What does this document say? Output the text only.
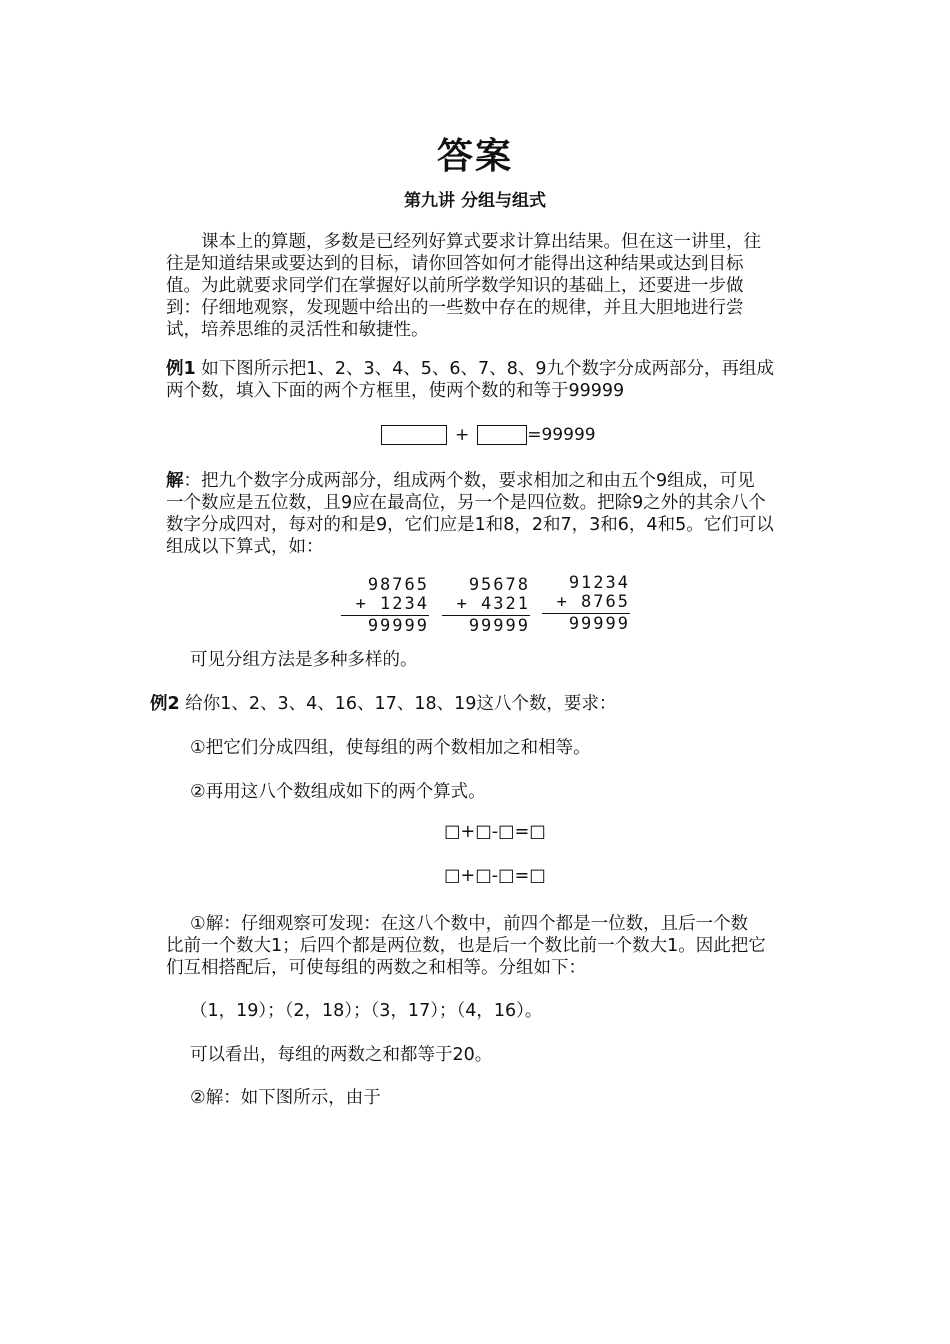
答案
第九讲 分组与组式
课本上的算题，多数是已经列好算式要求计算出结果。但在这一讲里，往
往是知道结果或要达到的目标，请你回答如何才能得出这种结果或达到目标
值。为此就要求同学们在掌握好以前所学数学知识的基础上，还要进一步做
到：仔细地观察，发现题中给出的一些数中存在的规律，并且大胆地进行尝
试，培养思维的灵活性和敏捷性。
例1 如下图所示把1、2、3、4、5、6、7、8、9九个数字分成两部分，再组成
两个数，填入下面的两个方框里，使两个数的和等于99999
+	=99999
解：把九个数字分成两部分，组成两个数，要求相加之和由五个9组成，可见
一个数应是五位数，且9应在最高位，另一个是四位数。把除9之外的其余八个
数字分成四对，每对的和是9，它们应是1和8，2和7，3和6，4和5。它们可以
组成以下算式，如：
98765
+ 1234
99999
95678
+ 4321
99999
91234
+ 8765
99999
可见分组方法是多种多样的。
例2 给你1、2、3、4、16、17、18、19这八个数，要求：
①把它们分成四组，使每组的两个数相加之和相等。
②再用这八个数组成如下的两个算式。
□+□-□=□
□+□-□=□
①解：仔细观察可发现：在这八个数中，前四个都是一位数，且后一个数
比前一个数大1；后四个都是两位数，也是后一个数比前一个数大1。因此把它
们互相搭配后，可使每组的两数之和相等。分组如下：
（1，19）；（2，18）；（3，17）；（4，16）。
可以看出，每组的两数之和都等于20。
②解：如下图所示，由于
